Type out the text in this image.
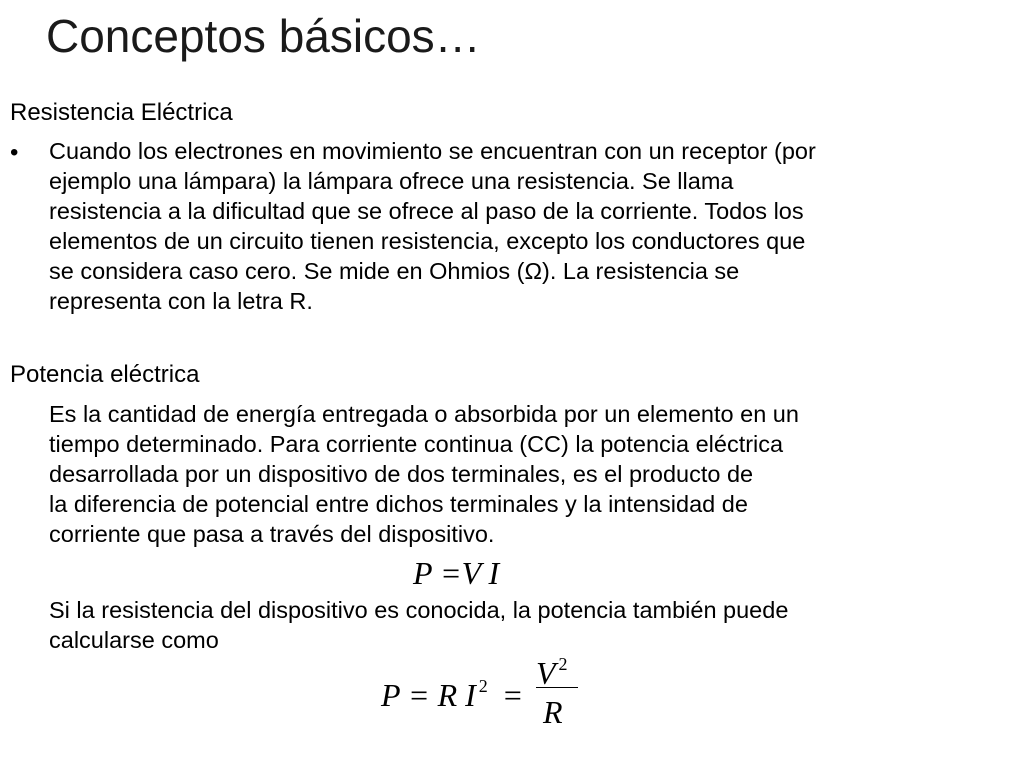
Conceptos básicos…
Resistencia Eléctrica
• Cuando los electrones en movimiento se encuentran con un receptor (por
ejemplo una lámpara) la lámpara ofrece una resistencia. Se llama
resistencia a la dificultad que se ofrece al paso de la corriente. Todos los
elementos de un circuito tienen resistencia, excepto los conductores que
se considera caso cero. Se mide en Ohmios (Ω). La resistencia se
representa con la letra R.
Potencia eléctrica
Es la cantidad de energía entregada o absorbida por un elemento en un
tiempo determinado. Para corriente continua (CC) la potencia eléctrica
desarrollada por un dispositivo de dos terminales, es el producto de
la diferencia de potencial entre dichos terminales y la intensidad de
corriente que pasa a través del dispositivo.
P =V I
Si la resistencia del dispositivo es conocida, la potencia también puede
calcularse como
P = R I $^2$ =
V $^2$
R
